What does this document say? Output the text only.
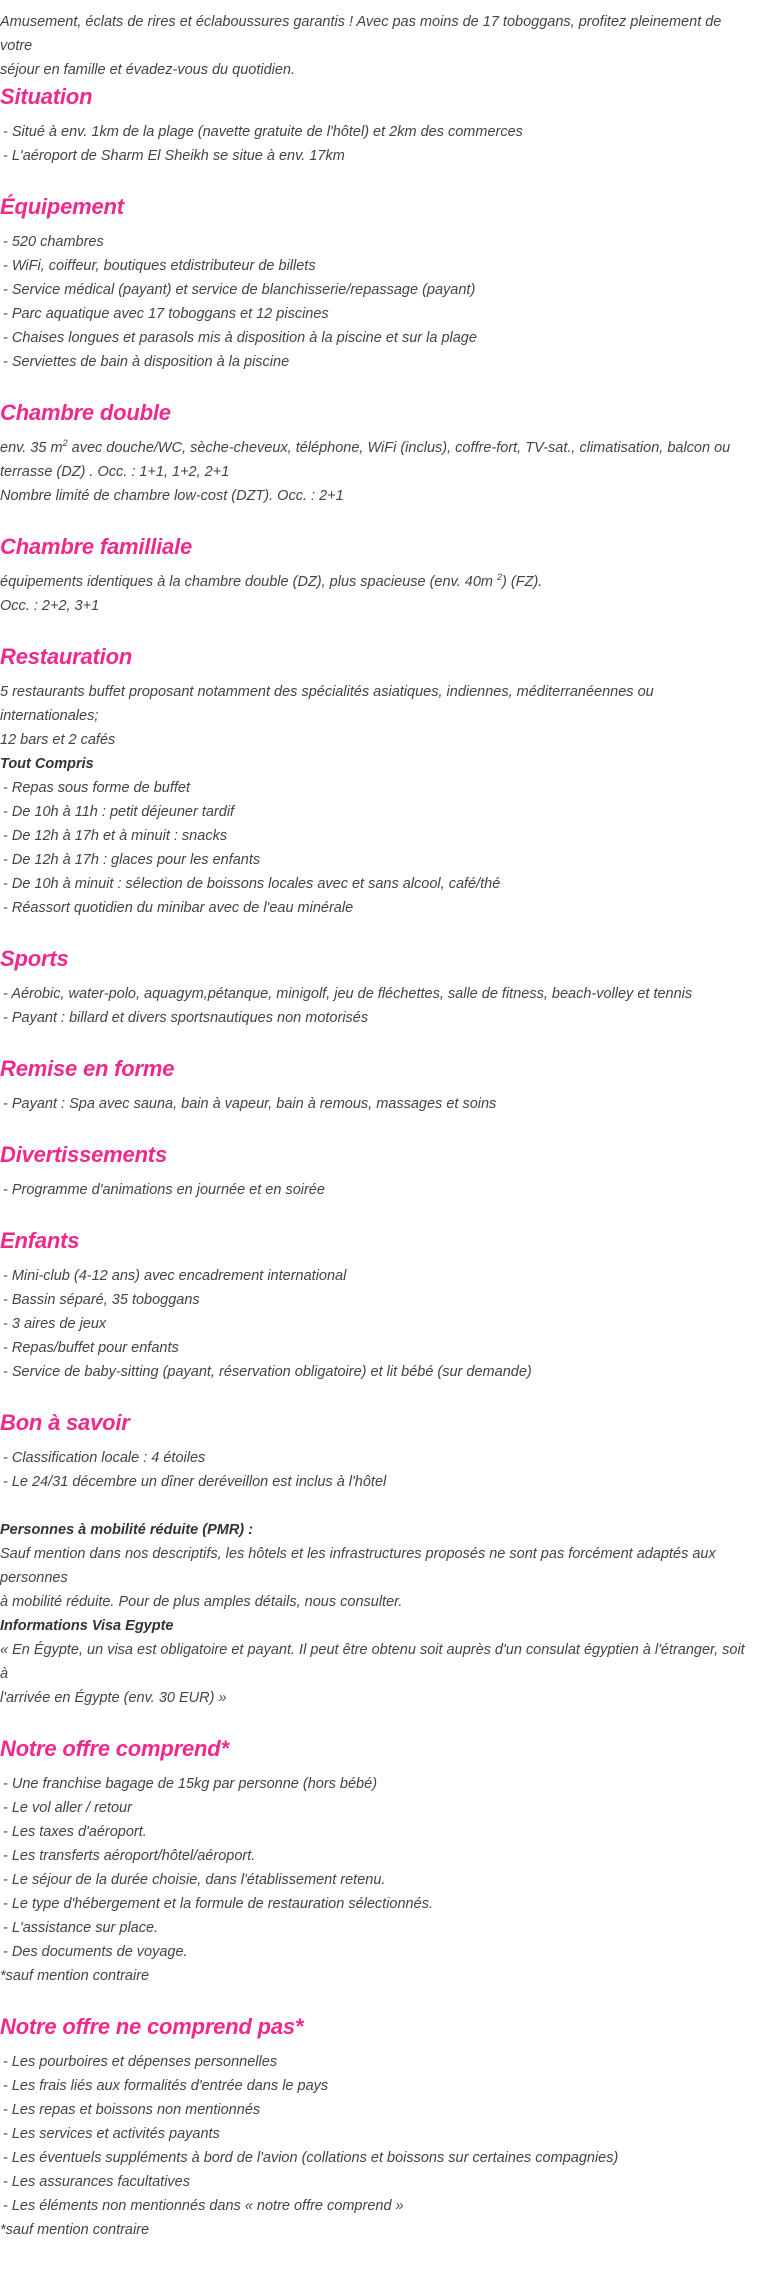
Amusement, éclats de rires et éclaboussures garantis ! Avec pas moins de 17 toboggans, profitez pleinement de votre
séjour en famille et évadez-vous du quotidien.

Situation

- Situé à env. 1km de la plage (navette gratuite de l'hôtel) et 2km des commerces
- L'aéroport de Sharm El Sheikh se situe à env. 17km

Équipement

- 520 chambres
- WiFi, coiffeur, boutiques etdistributeur de billets
- Service médical (payant) et service de blanchisserie/repassage (payant)
- Parc aquatique avec 17 toboggans et 12 piscines
- Chaises longues et parasols mis à disposition à la piscine et sur la plage
- Serviettes de bain à disposition à la piscine

Chambre double

env. 35 $m^2$ avec douche/WC, sèche-cheveux, téléphone, WiFi (inclus), coffre-fort, TV-sat., climatisation, balcon ou
terrasse (DZ) . Occ. : 1+1, 1+2, 2+1
Nombre limité de chambre low-cost (DZT). Occ. : 2+1

Chambre familliale

équipements identiques à la chambre double (DZ), plus spacieuse (env. 40m $^2$) (FZ).
Occ. : 2+2, 3+1

Restauration

5 restaurants buffet proposant notamment des spécialités asiatiques, indiennes, méditerranéennes ou internationales;
12 bars et 2 cafés
Tout Compris
- Repas sous forme de buffet
- De 10h à 11h : petit déjeuner tardif
- De 12h à 17h et à minuit : snacks
- De 12h à 17h : glaces pour les enfants
- De 10h à minuit : sélection de boissons locales avec et sans alcool, café/thé
- Réassort quotidien du minibar avec de l'eau minérale

Sports

- Aérobic, water-polo, aquagym,pétanque, minigolf, jeu de fléchettes, salle de fitness, beach-volley et tennis
- Payant : billard et divers sportsnautiques non motorisés

Remise en forme

- Payant : Spa avec sauna, bain à vapeur, bain à remous, massages et soins

Divertissements

- Programme d'animations en journée et en soirée

Enfants

- Mini-club (4-12 ans) avec encadrement international
- Bassin séparé, 35 toboggans
- 3 aires de jeux
- Repas/buffet pour enfants
- Service de baby-sitting (payant, réservation obligatoire) et lit bébé (sur demande)

Bon à savoir

- Classification locale : 4 étoiles
- Le 24/31 décembre un dîner deréveillon est inclus à l'hôtel

Personnes à mobilité réduite (PMR) :
Sauf mention dans nos descriptifs, les hôtels et les infrastructures proposés ne sont pas forcément adaptés aux personnes
à mobilité réduite. Pour de plus amples détails, nous consulter.
Informations Visa Egypte
« En Égypte, un visa est obligatoire et payant. Il peut être obtenu soit auprès d'un consulat égyptien à l'étranger, soit à
l'arrivée en Égypte (env. 30 EUR) »

Notre offre comprend*

- Une franchise bagage de 15kg par personne (hors bébé)
- Le vol aller / retour
- Les taxes d'aéroport.
- Les transferts aéroport/hôtel/aéroport.
- Le séjour de la durée choisie, dans l'établissement retenu.
- Le type d'hébergement et la formule de restauration sélectionnés.
- L'assistance sur place.
- Des documents de voyage.
*sauf mention contraire

Notre offre ne comprend pas*

- Les pourboires et dépenses personnelles
- Les frais liés aux formalités d'entrée dans le pays
- Les repas et boissons non mentionnés
- Les services et activités payants
- Les éventuels suppléments à bord de l'avion (collations et boissons sur certaines compagnies)
- Les assurances facultatives
- Les éléments non mentionnés dans « notre offre comprend »
*sauf mention contraire
